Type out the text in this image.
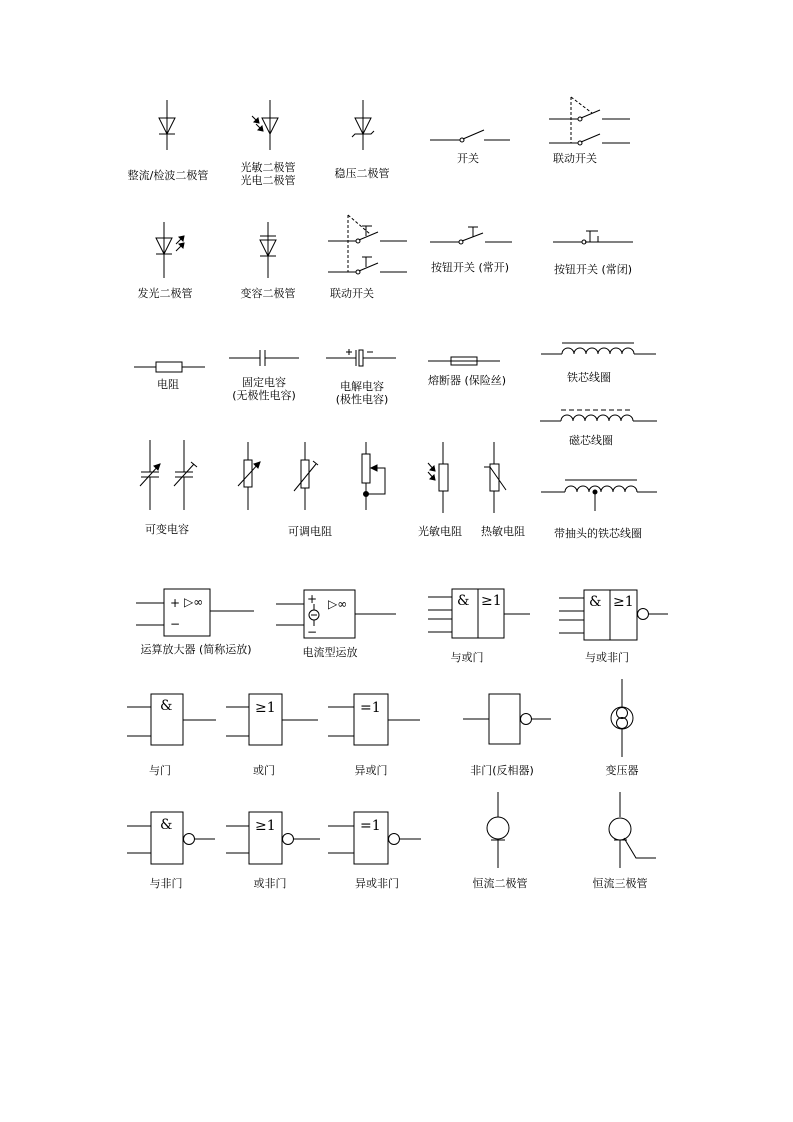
整流/检波二极管
光敏二极管
光电二极管
稳压二极管
开关	联动开关
发光二极管	变容二极管	联动开关
按钮开关 (常开)	按钮开关 (常闭)
电阻	固定电容
(无极性电容)
电解电容
(极性电容)
熔断器 (保险丝)	铁芯线圈
磁芯线圈
可变电容	可调电阻	光敏电阻 热敏电阻	带抽头的铁芯线圈
+
−
▷∞
运算放大器 (简称运放)
+
−
▷∞
电流型运放
& ≥1
与或门
& ≥1
与或非门
&
与门
≥1
或门
=1
异或门	非门(反相器)	变压器
&
与非门
≥1
或非门
=1
异或非门	恒流二极管	恒流三极管
